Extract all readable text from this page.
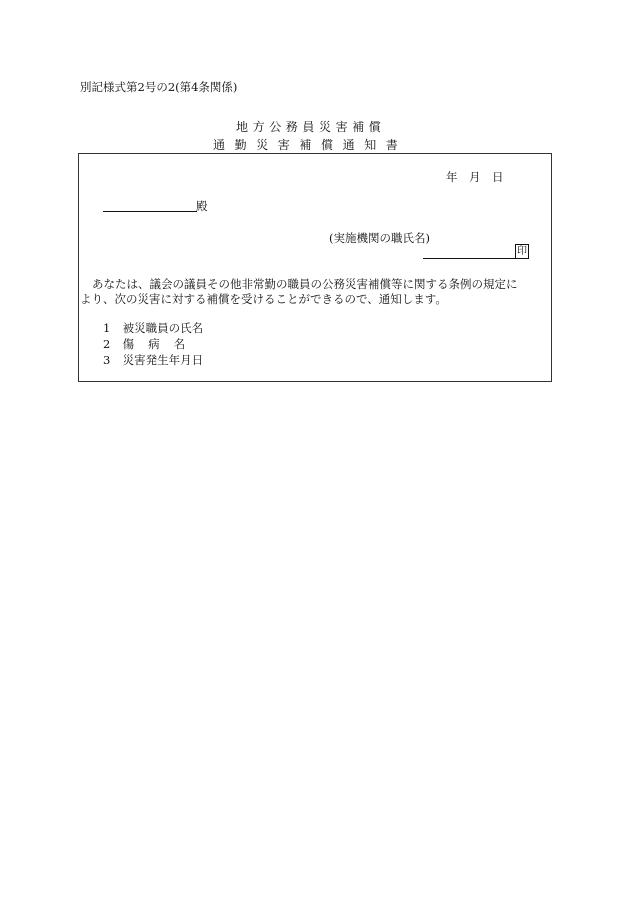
別記様式第2号の2(第4条関係)
地方公務員災害補償
通勤災害補償通知書
年　月　日
殿
(実施機関の職氏名)
印
あなたは、議会の議員その他非常勤の職員の公務災害補償等に関する条例の規定に
より、次の災害に対する補償を受けることができるので、通知します。
1 被災職員の氏名
2 傷病名
3 災害発生年月日
